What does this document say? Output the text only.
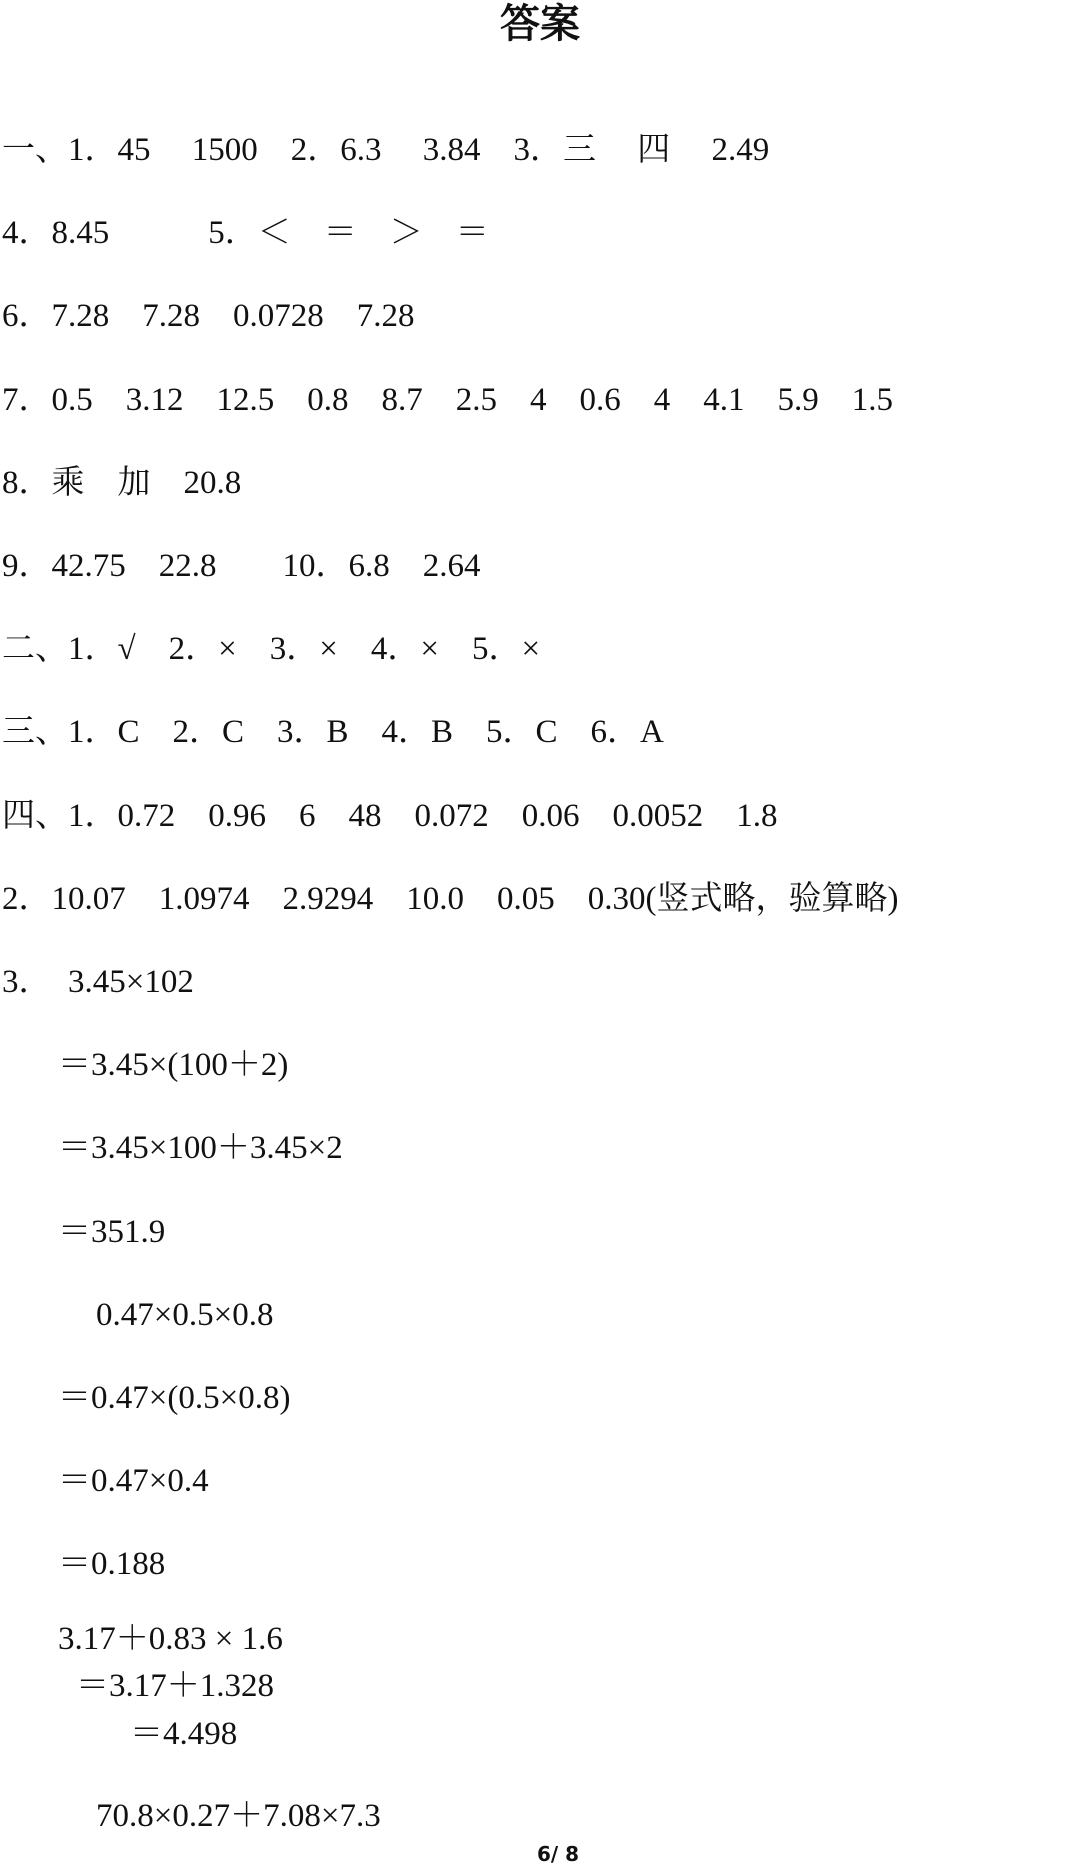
答案
一、1．45　 1500　2．6.3　 3.84　3．三　 四　 2.49
4．8.45　　　5．＜　＝　＞　＝
6．7.28　7.28　0.0728　7.28
7．0.5　3.12　12.5　0.8　8.7　2.5　4　0.6　4　4.1　5.9　1.5
8．乘　加　20.8
9．42.75　22.8　　10．6.8　2.64
二、1．√　2．×　3．×　4．×　5．×
三、1．C　2．C　3．B　4．B　5．C　6．A
四、1．0.72　0.96　6　48　0.072　0.06　0.0052　1.8
2．10.07　1.0974　2.9294　10.0　0.05　0.30(竖式略，验算略)
3．　3.45×102
＝3.45×(100＋2)
＝3.45×100＋3.45×2
＝351.9
0.47×0.5×0.8
＝0.47×(0.5×0.8)
＝0.47×0.4
＝0.188
3.17＋0.83 × 1.6
＝3.17＋1.328
＝4.498
70.8×0.27＋7.08×7.3
6/ 8
